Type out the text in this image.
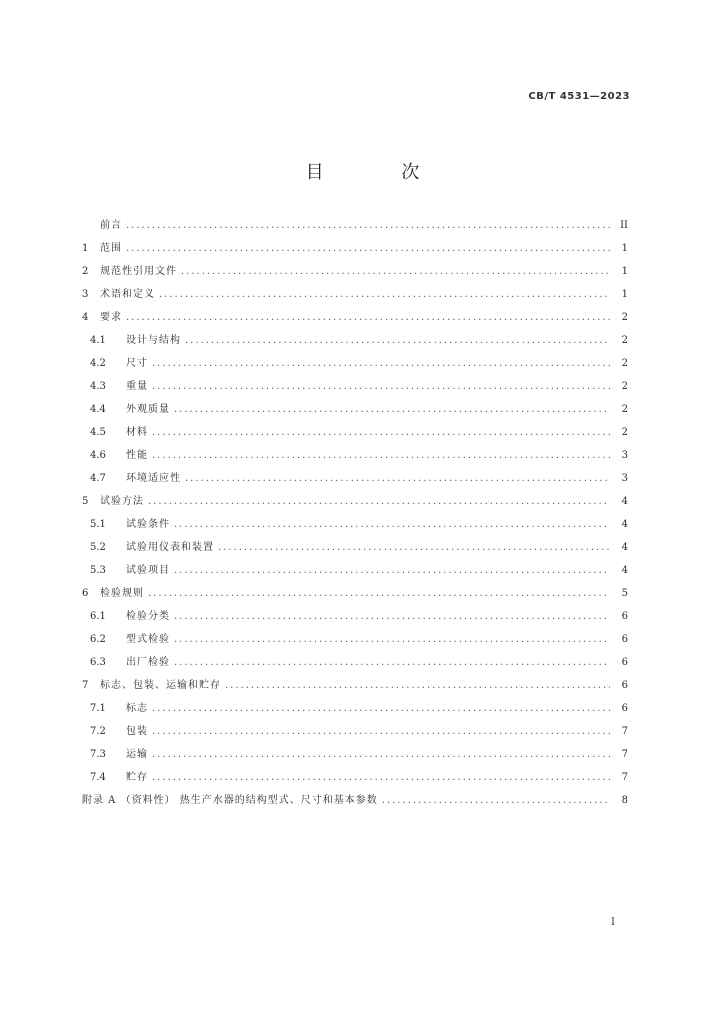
CB/T 4531—2023
目 次
前言 .....	II
1	范围 .....	1
2	规范性引用文件 .....	1
3	术语和定义 .....	1
4	要求 .....	2
4.1	设计与结构 .....	2
4.2	尺寸 .....	2
4.3	重量 .....	2
4.4	外观质量 .....	2
4.5	材料 .....	2
4.6	性能 .....	3
4.7	环境适应性 .....	3
5	试验方法 .....	4
5.1	试验条件 .....	4
5.2	试验用仪表和装置 .....	4
5.3	试验项目 .....	4
6	检验规则 .....	5
6.1	检验分类 .....	6
6.2	型式检验 .....	6
6.3	出厂检验 .....	6
7	标志、包装、运输和贮存 .....	6
7.1	标志 .....	6
7.2	包装 .....	7
7.3	运输 .....	7
7.4	贮存 .....	7
附录 A （资料性） 热生产水器的结构型式、尺寸和基本参数 .....	8
I
